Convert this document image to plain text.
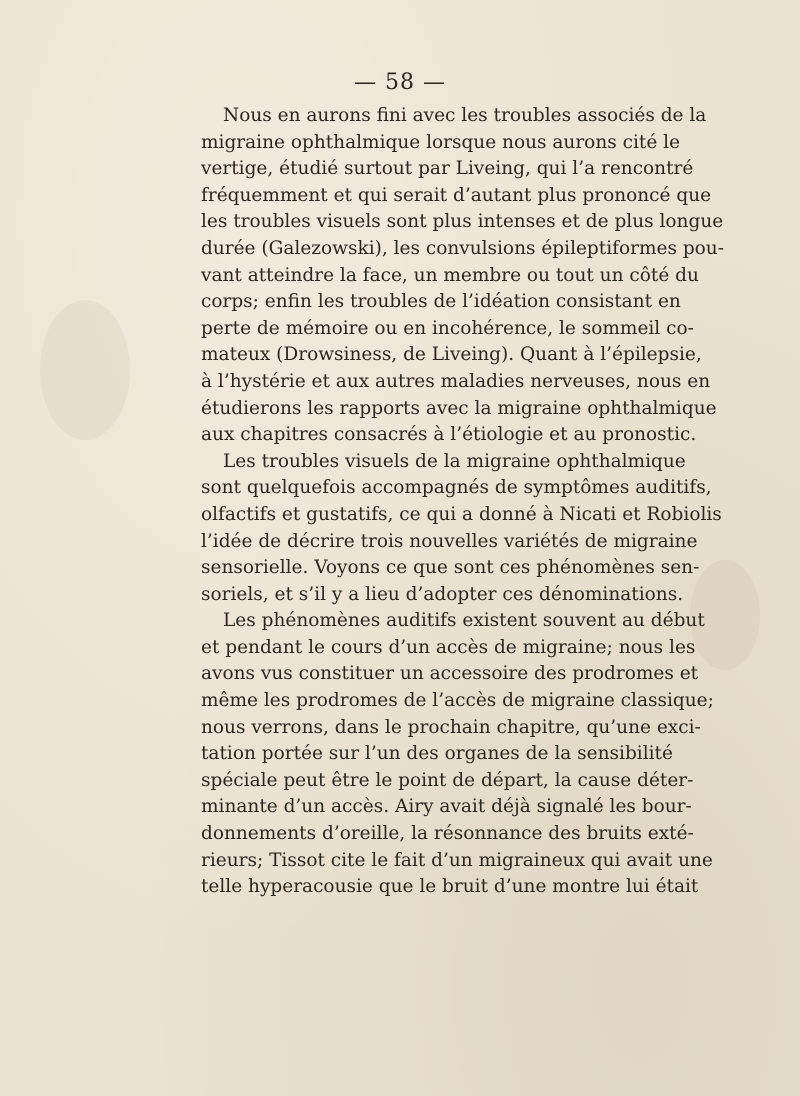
— 58 —
Nous en aurons fini avec les troubles associés de la
migraine ophthalmique lorsque nous aurons cité le
vertige, étudié surtout par Liveing, qui l’a rencontré
fréquemment et qui serait d’autant plus prononcé que
les troubles visuels sont plus intenses et de plus longue
durée (Galezowski), les convulsions épileptiformes pou-
vant atteindre la face, un membre ou tout un côté du
corps; enfin les troubles de l’idéation consistant en
perte de mémoire ou en incohérence, le sommeil co-
mateux (Drowsiness, de Liveing). Quant à l’épilepsie,
à l’hystérie et aux autres maladies nerveuses, nous en
étudierons les rapports avec la migraine ophthalmique
aux chapitres consacrés à l’étiologie et au pronostic.
Les troubles visuels de la migraine ophthalmique
sont quelquefois accompagnés de symptômes auditifs,
olfactifs et gustatifs, ce qui a donné à Nicati et Robiolis
l’idée de décrire trois nouvelles variétés de migraine
sensorielle. Voyons ce que sont ces phénomènes sen-
soriels, et s’il y a lieu d’adopter ces dénominations.
Les phénomènes auditifs existent souvent au début
et pendant le cours d’un accès de migraine; nous les
avons vus constituer un accessoire des prodromes et
même les prodromes de l’accès de migraine classique;
nous verrons, dans le prochain chapitre, qu’une exci-
tation portée sur l’un des organes de la sensibilité
spéciale peut être le point de départ, la cause déter-
minante d’un accès. Airy avait déjà signalé les bour-
donnements d’oreille, la résonnance des bruits exté-
rieurs; Tissot cite le fait d’un migraineux qui avait une
telle hyperacousie que le bruit d’une montre lui était
